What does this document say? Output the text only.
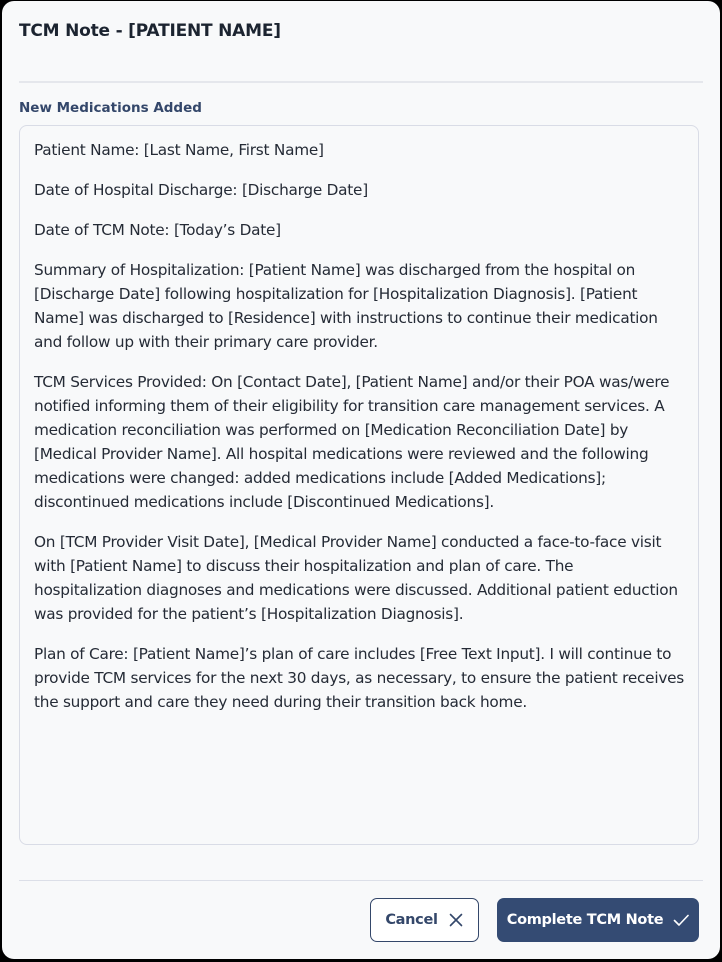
TCM Note - [PATIENT NAME]
New Medications Added

Patient Name: [Last Name, First Name]

Date of Hospital Discharge: [Discharge Date]

Date of TCM Note: [Today’s Date]

Summary of Hospitalization: [Patient Name] was discharged from the hospital on [Discharge Date] following hospitalization for [Hospitalization Diagnosis]. [Patient Name] was discharged to [Residence] with instructions to continue their medication and follow up with their primary care provider.

TCM Services Provided: On [Contact Date], [Patient Name] and/or their POA was/were notified informing them of their eligibility for transition care management services. A medication reconciliation was performed on [Medication Reconciliation Date] by [Medical Provider Name]. All hospital medications were reviewed and the following medications were changed: added medications include [Added Medications]; discontinued medications include [Discontinued Medications].

On [TCM Provider Visit Date], [Medical Provider Name] conducted a face-to-face visit with [Patient Name] to discuss their hospitalization and plan of care. The hospitalization diagnoses and medications were discussed. Additional patient eduction was provided for the patient’s [Hospitalization Diagnosis].

Plan of Care: [Patient Name]’s plan of care includes [Free Text Input]. I will continue to provide TCM services for the next 30 days, as necessary, to ensure the patient receives the support and care they need during their transition back home.

Cancel	Complete TCM Note
